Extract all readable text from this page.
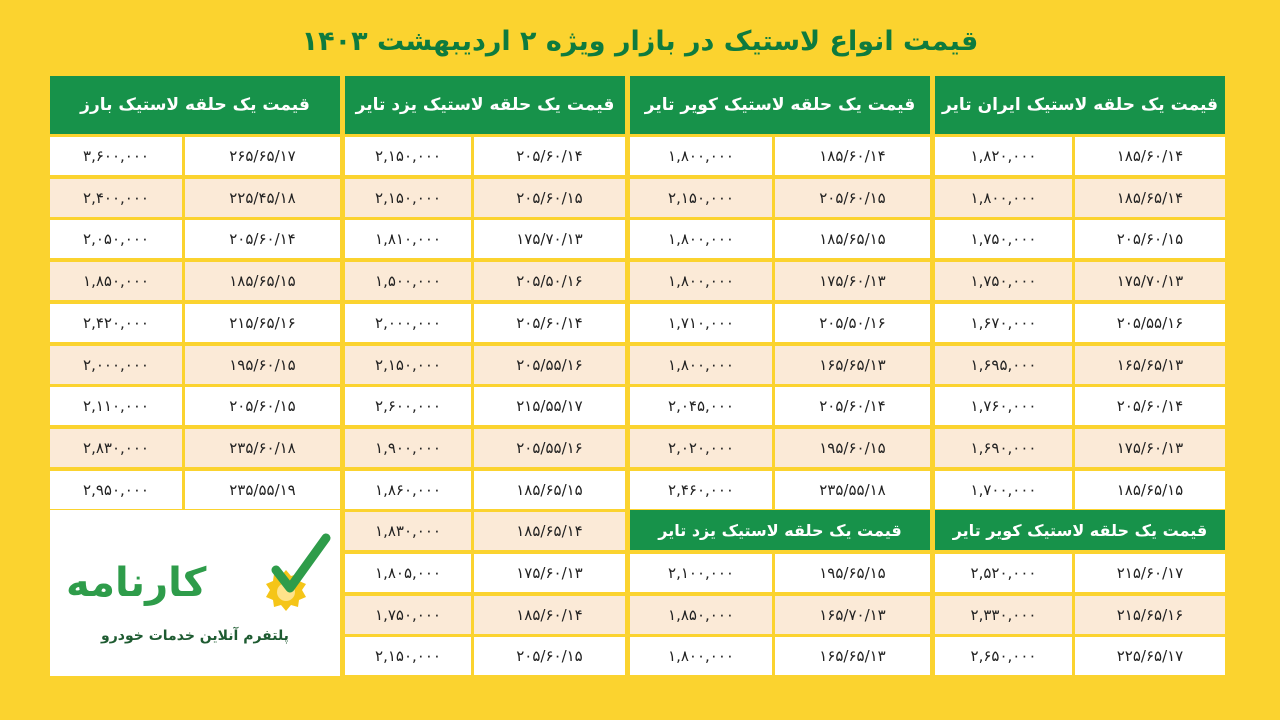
قیمت انواع لاستیک در بازار ویژه ۲ اردیبهشت ۱۴۰۳
قیمت یک حلقه لاستیک ایران تایر
قیمت یک حلقه لاستیک کویر تایر
قیمت یک حلقه لاستیک یزد تایر
قیمت یک حلقه لاستیک بارز
قیمت یک حلقه لاستیک کویر تایر
قیمت یک حلقه لاستیک یزد تایر
۱۸۵/۶۰/۱۴
۱,۸۲۰,۰۰۰
۱۸۵/۶۵/۱۴
۱,۸۰۰,۰۰۰
۲۰۵/۶۰/۱۵
۱,۷۵۰,۰۰۰
۱۷۵/۷۰/۱۳
۱,۷۵۰,۰۰۰
۲۰۵/۵۵/۱۶
۱,۶۷۰,۰۰۰
۱۶۵/۶۵/۱۳
۱,۶۹۵,۰۰۰
۲۰۵/۶۰/۱۴
۱,۷۶۰,۰۰۰
۱۷۵/۶۰/۱۳
۱,۶۹۰,۰۰۰
۱۸۵/۶۵/۱۵
۱,۷۰۰,۰۰۰
۱۸۵/۶۰/۱۴
۱,۸۰۰,۰۰۰
۲۰۵/۶۰/۱۵
۲,۱۵۰,۰۰۰
۱۸۵/۶۵/۱۵
۱,۸۰۰,۰۰۰
۱۷۵/۶۰/۱۳
۱,۸۰۰,۰۰۰
۲۰۵/۵۰/۱۶
۱,۷۱۰,۰۰۰
۱۶۵/۶۵/۱۳
۱,۸۰۰,۰۰۰
۲۰۵/۶۰/۱۴
۲,۰۴۵,۰۰۰
۱۹۵/۶۰/۱۵
۲,۰۲۰,۰۰۰
۲۳۵/۵۵/۱۸
۲,۴۶۰,۰۰۰
۲۰۵/۶۰/۱۴
۲,۱۵۰,۰۰۰
۲۰۵/۶۰/۱۵
۲,۱۵۰,۰۰۰
۱۷۵/۷۰/۱۳
۱,۸۱۰,۰۰۰
۲۰۵/۵۰/۱۶
۱,۵۰۰,۰۰۰
۲۰۵/۶۰/۱۴
۲,۰۰۰,۰۰۰
۲۰۵/۵۵/۱۶
۲,۱۵۰,۰۰۰
۲۱۵/۵۵/۱۷
۲,۶۰۰,۰۰۰
۲۰۵/۵۵/۱۶
۱,۹۰۰,۰۰۰
۱۸۵/۶۵/۱۵
۱,۸۶۰,۰۰۰
۱۸۵/۶۵/۱۴
۱,۸۳۰,۰۰۰
۱۷۵/۶۰/۱۳
۱,۸۰۵,۰۰۰
۱۸۵/۶۰/۱۴
۱,۷۵۰,۰۰۰
۲۰۵/۶۰/۱۵
۲,۱۵۰,۰۰۰
۲۶۵/۶۵/۱۷
۳,۶۰۰,۰۰۰
۲۲۵/۴۵/۱۸
۲,۴۰۰,۰۰۰
۲۰۵/۶۰/۱۴
۲,۰۵۰,۰۰۰
۱۸۵/۶۵/۱۵
۱,۸۵۰,۰۰۰
۲۱۵/۶۵/۱۶
۲,۴۲۰,۰۰۰
۱۹۵/۶۰/۱۵
۲,۰۰۰,۰۰۰
۲۰۵/۶۰/۱۵
۲,۱۱۰,۰۰۰
۲۳۵/۶۰/۱۸
۲,۸۳۰,۰۰۰
۲۳۵/۵۵/۱۹
۲,۹۵۰,۰۰۰
۲۱۵/۶۰/۱۷
۲,۵۲۰,۰۰۰
۲۱۵/۶۵/۱۶
۲,۳۳۰,۰۰۰
۲۲۵/۶۵/۱۷
۲,۶۵۰,۰۰۰
۱۹۵/۶۵/۱۵
۲,۱۰۰,۰۰۰
۱۶۵/۷۰/۱۳
۱,۸۵۰,۰۰۰
۱۶۵/۶۵/۱۳
۱,۸۰۰,۰۰۰
کارنامه
پلتفرم آنلاین خدمات خودرو
